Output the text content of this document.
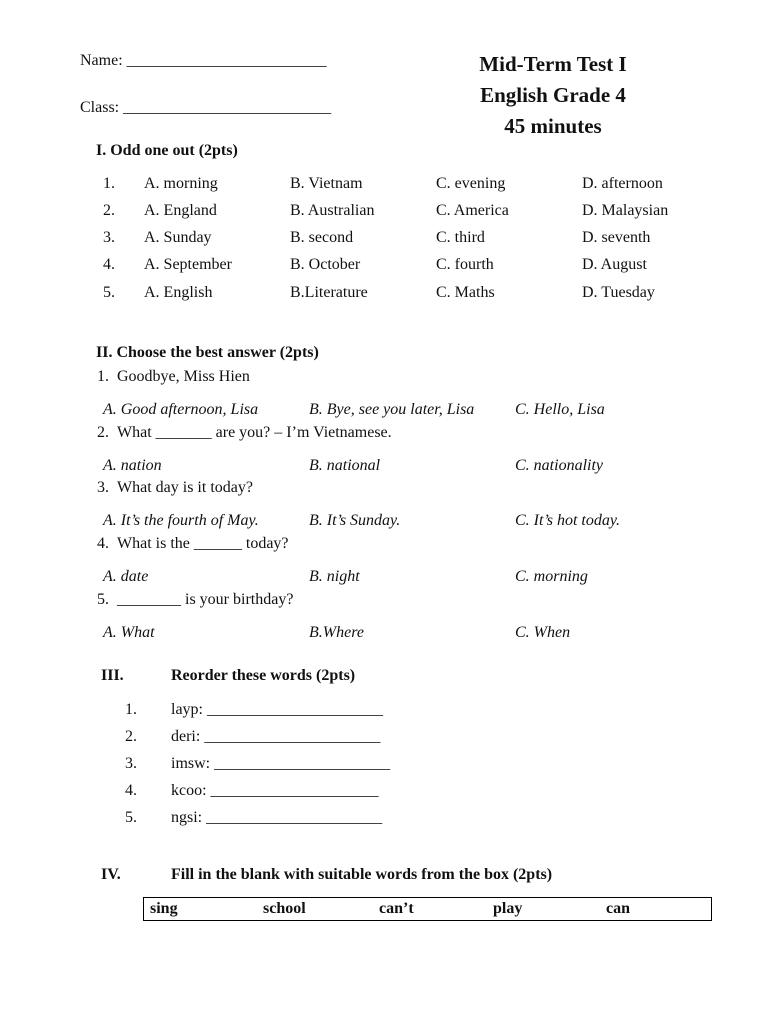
Name: _________________________
Class: __________________________
Mid-Term Test I
English Grade 4
45 minutes
I. Odd one out (2pts)
1. A. morning	B. Vietnam	C. evening	D. afternoon
2. A. England	B. Australian	C. America	D. Malaysian
3. A. Sunday	B. second	C. third	D. seventh
4. A. September	B. October	C. fourth	D. August
5. A. English	B.Literature	C. Maths	D. Tuesday
II. Choose the best answer (2pts)
1.  Goodbye, Miss Hien
A. Good afternoon, Lisa	B. Bye, see you later, Lisa	C. Hello, Lisa
2.  What _______ are you? – I’m Vietnamese.
A. nation	B. national	C. nationality
3.  What day is it today?
A. It’s the fourth of May.	B. It’s Sunday.	C. It’s hot today.
4.  What is the ______ today?
A. date	B. night	C. morning
5.  ________ is your birthday?
A. What	B.Where	C. When
III.	Reorder these words (2pts)
1. layp: ______________________
2. deri: ______________________
3. imsw: ______________________
4. kcoo: _____________________
5. ngsi: ______________________
IV.	Fill in the blank with suitable words from the box (2pts)
sing	school	can’t	play	can
